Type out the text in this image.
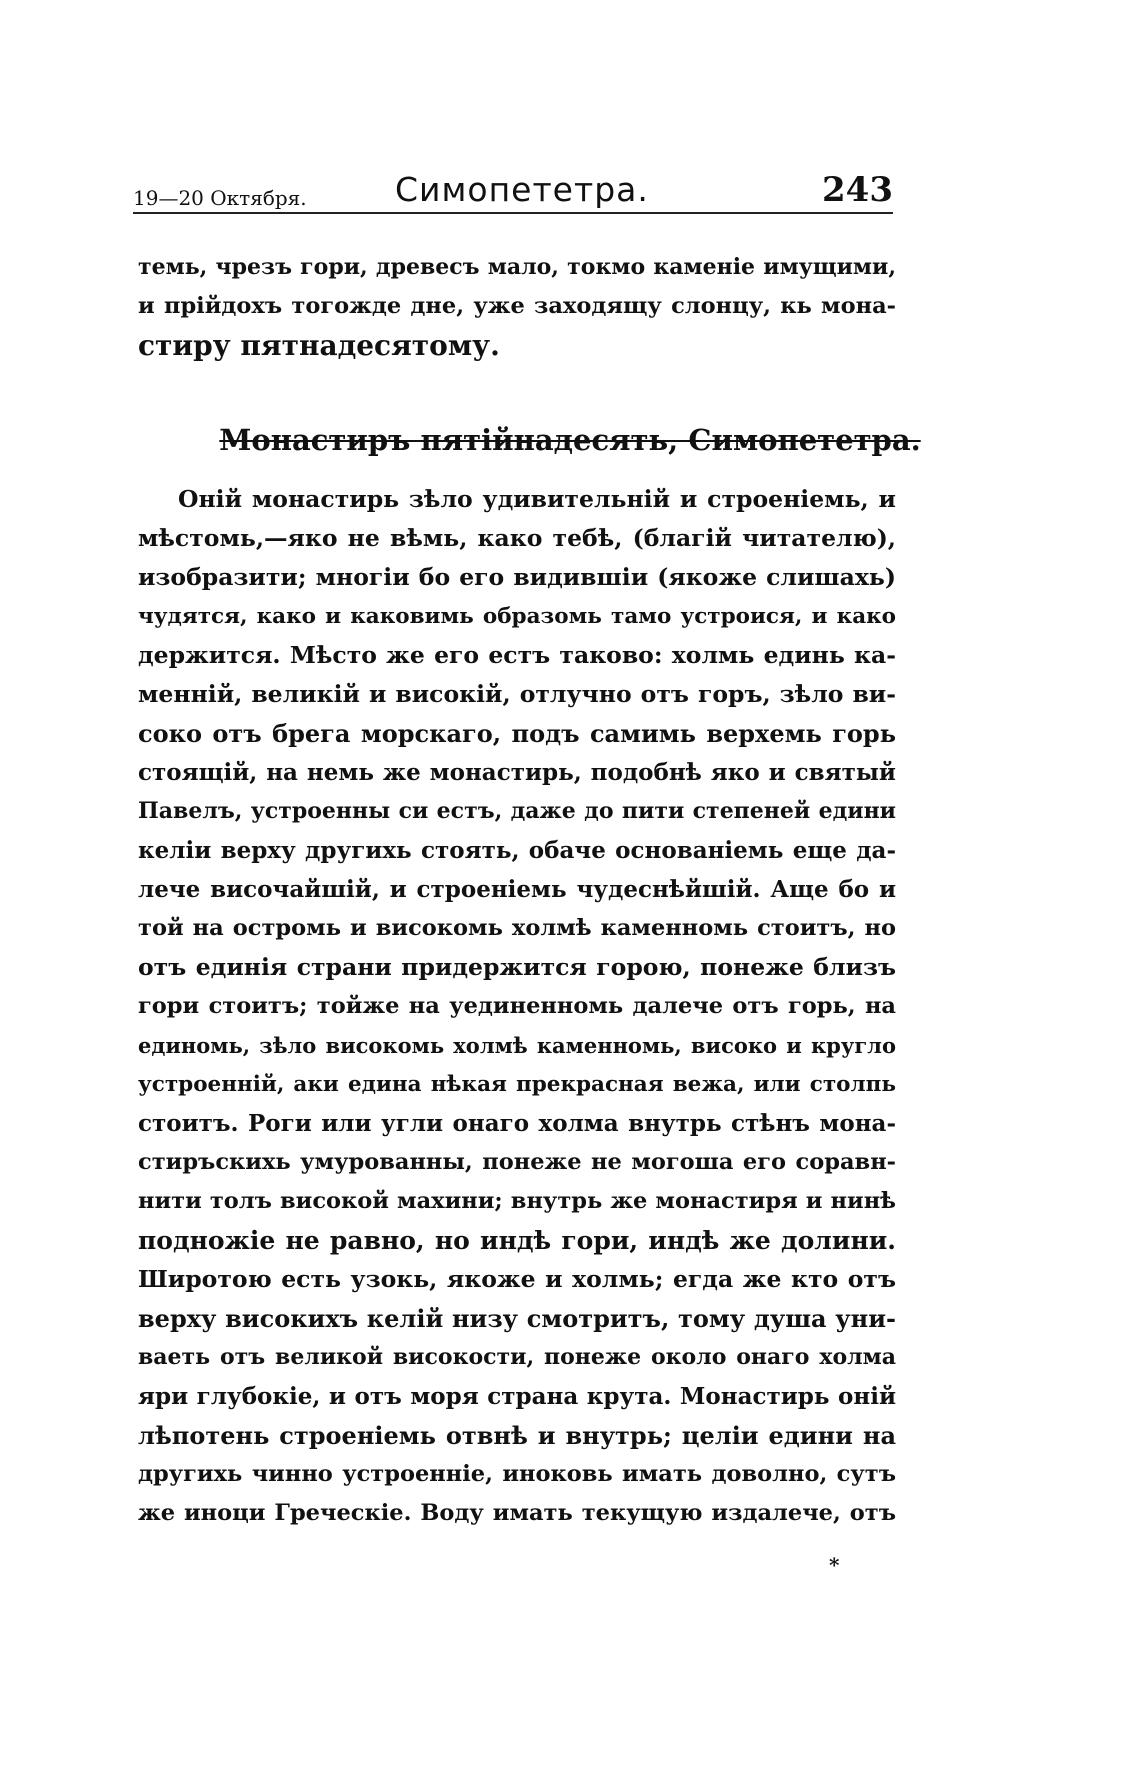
19—20 Октября.	Симопететра.	243
темь, чрезъ гори, древесъ мало, токмо каменіе имущими,
и прійдохъ тогожде дне, уже заходящу слонцу, кь мона-
стиру пятнадесятому.
Монастиръ пятійнадесять, Симопететра.
Оній монастирь зѣло удивительній и строеніемь, и
мѣстомь,—яко не вѣмь, како тебѣ, (благій читателю),
изобразити; многіи бо его видившіи (якоже слишахь)
чудятся, како и каковимь образомь тамо устроися, и како
держится. Мѣсто же его естъ таково: холмь единь ка-
менній, великій и високій, отлучно отъ горъ, зѣло ви-
соко отъ брега морскаго, подъ самимь верхемь горь
стоящій, на немь же монастирь, подобнѣ яко и святый
Павелъ, устроенны си естъ, даже до пити степеней едини
келіи верху другихь стоять, обаче основаніемь еще да-
лече височайшій, и строеніемь чудеснѣйшій. Аще бо и
той на остромь и високомь холмѣ каменномь стоитъ, но
отъ единія страни придержится горою, понеже близъ
гори стоитъ; тойже на уединенномь далече отъ горь, на
единомь, зѣло високомь холмѣ каменномь, високо и кругло
устроенній, аки едина нѣкая прекрасная вежа, или столпь
стоитъ. Роги или угли онаго холма внутрь стѣнъ мона-
стиръскихь умурованны, понеже не могоша его соравн-
нити толъ високой махини; внутрь же монастиря и нинѣ
подножіе не равно, но индѣ гори, индѣ же долини.
Широтою есть узокь, якоже и холмь; егда же кто отъ
верху високихъ келій низу смотритъ, тому душа уни-
ваеть отъ великой високости, понеже около онаго холма
яри глубокіе, и отъ моря страна крута. Монастирь оній
лѣпотень строеніемь отвнѣ и внутрь; целіи едини на
другихь чинно устроенніе, иноковь имать доволно, сутъ
же иноци Греческіе. Воду имать текущую издалече, отъ
*
